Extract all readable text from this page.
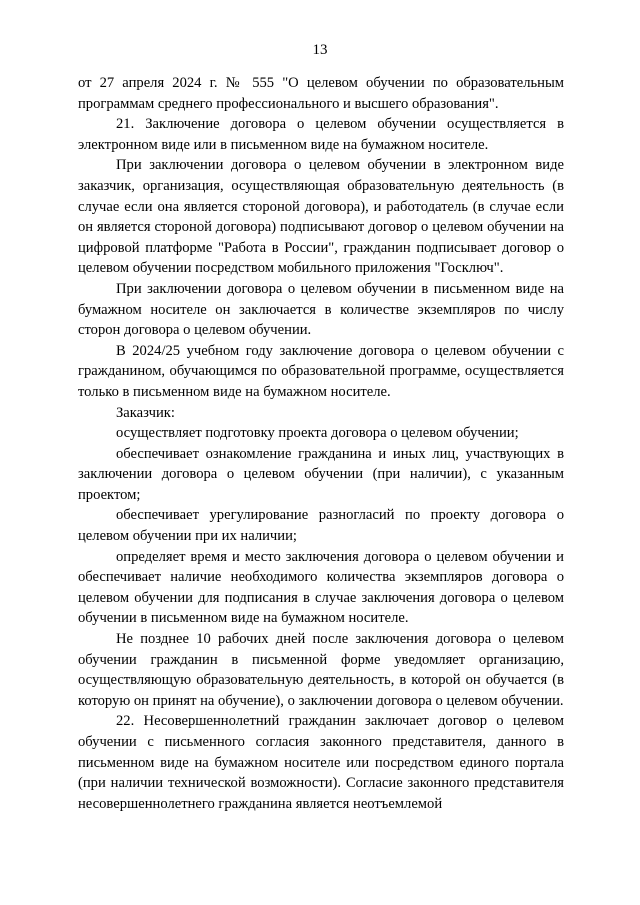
13

от 27 апреля 2024 г. № 555 "О целевом обучении по образовательным программам среднего профессионального и высшего образования".

21. Заключение договора о целевом обучении осуществляется в электронном виде или в письменном виде на бумажном носителе.

При заключении договора о целевом обучении в электронном виде заказчик, организация, осуществляющая образовательную деятельность (в случае если она является стороной договора), и работодатель (в случае если он является стороной договора) подписывают договор о целевом обучении на цифровой платформе "Работа в России", гражданин подписывает договор о целевом обучении посредством мобильного приложения "Госключ".

При заключении договора о целевом обучении в письменном виде на бумажном носителе он заключается в количестве экземпляров по числу сторон договора о целевом обучении.

В 2024/25 учебном году заключение договора о целевом обучении с гражданином, обучающимся по образовательной программе, осуществляется только в письменном виде на бумажном носителе.

Заказчик:

осуществляет подготовку проекта договора о целевом обучении;

обеспечивает ознакомление гражданина и иных лиц, участвующих в заключении договора о целевом обучении (при наличии), с указанным проектом;

обеспечивает урегулирование разногласий по проекту договора о целевом обучении при их наличии;

определяет время и место заключения договора о целевом обучении и обеспечивает наличие необходимого количества экземпляров договора о целевом обучении для подписания в случае заключения договора о целевом обучении в письменном виде на бумажном носителе.

Не позднее 10 рабочих дней после заключения договора о целевом обучении гражданин в письменной форме уведомляет организацию, осуществляющую образовательную деятельность, в которой он обучается (в которую он принят на обучение), о заключении договора о целевом обучении.

22. Несовершеннолетний гражданин заключает договор о целевом обучении с письменного согласия законного представителя, данного в письменном виде на бумажном носителе или посредством единого портала (при наличии технической возможности). Согласие законного представителя несовершеннолетнего гражданина является неотъемлемой
